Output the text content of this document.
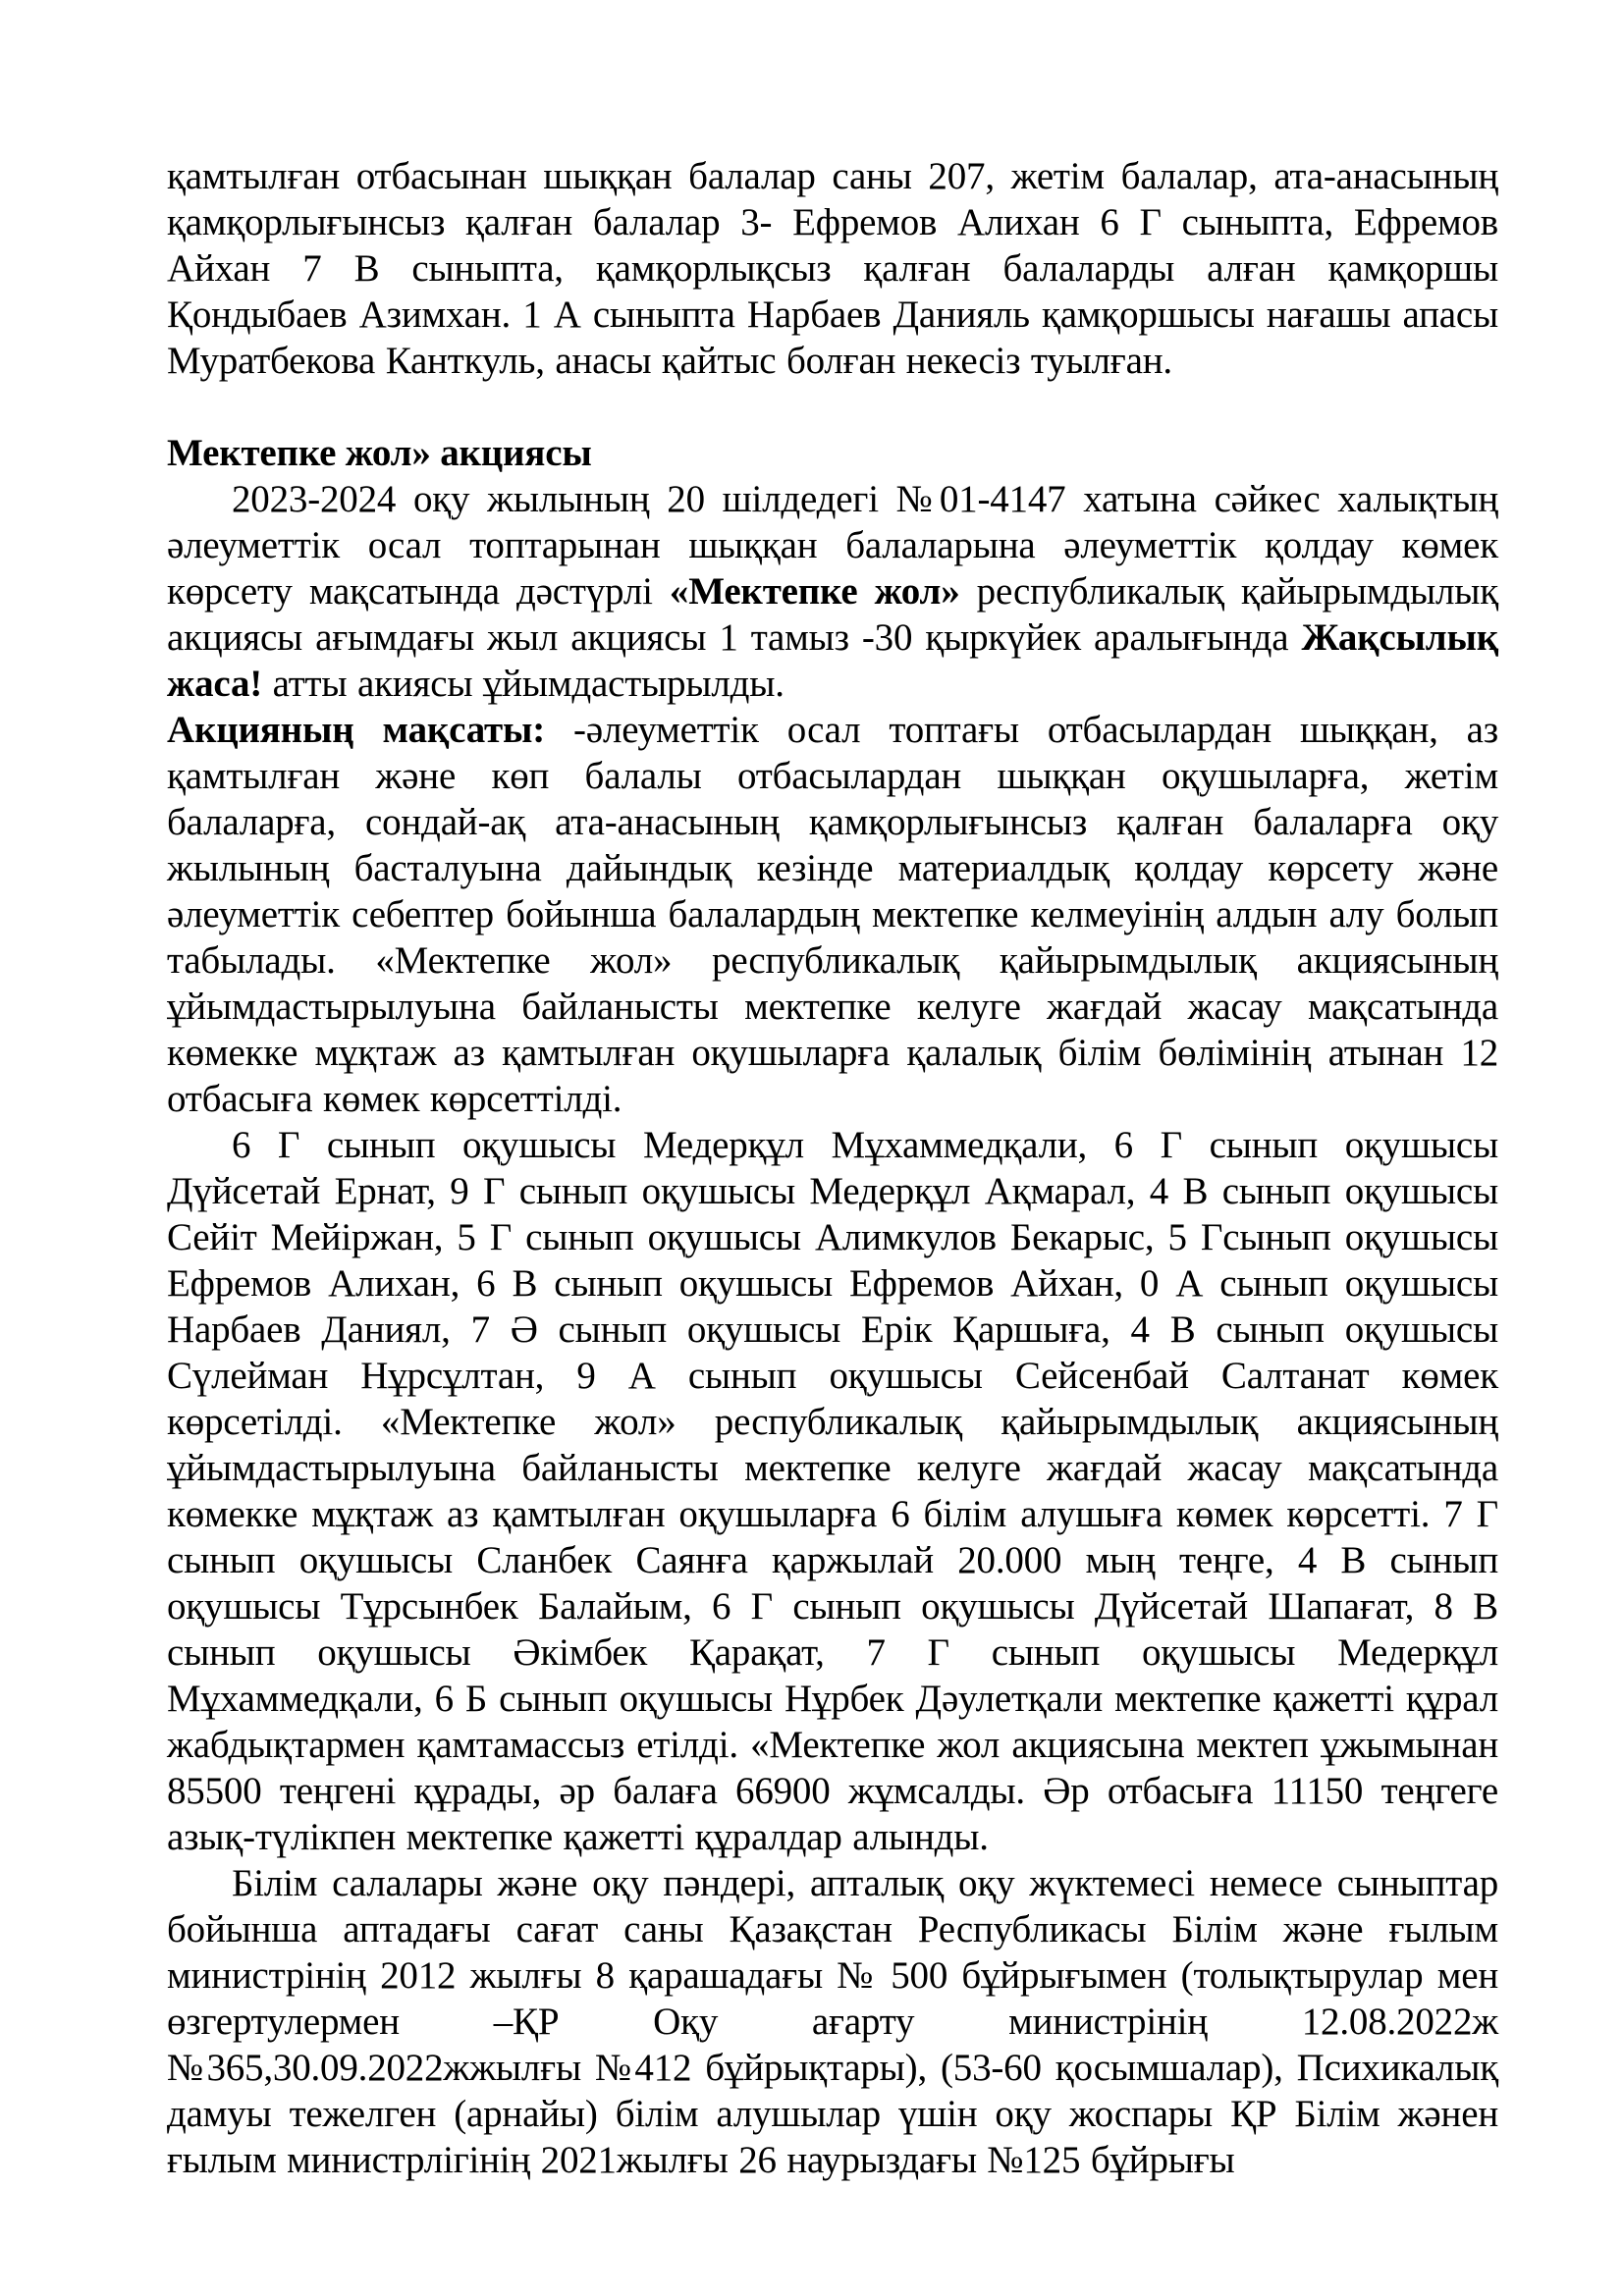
қамтылған отбасынан шыққан балалар саны 207, жетім балалар, ата-анасының қамқорлығынсыз қалған балалар 3- Ефремов Алихан 6 Г сыныпта, Ефремов Айхан 7 В сыныпта, қамқорлықсыз қалған балаларды алған қамқоршы Қондыбаев Азимхан. 1 А сыныпта Нарбаев Данияль қамқоршысы нағашы апасы Муратбекова Канткуль, анасы қайтыс болған некесіз туылған.

Мектепке жол» акциясы

2023-2024 оқу жылының 20 шілдедегі №01-4147 хатына сәйкес халықтың әлеуметтік осал топтарынан шыққан балаларына әлеуметтік қолдау көмек көрсету мақсатында дәстүрлі «Мектепке жол» республикалық қайырымдылық акциясы ағымдағы жыл акциясы 1 тамыз -30 қыркүйек аралығында Жақсылық жаса! атты акиясы ұйымдастырылды.

Акцияның мақсаты: -әлеуметтік осал топтағы отбасылардан шыққан, аз қамтылған және көп балалы отбасылардан шыққан оқушыларға, жетім балаларға, сондай-ақ ата-анасының қамқорлығынсыз қалған балаларға оқу жылының басталуына дайындық кезінде материалдық қолдау көрсету және әлеуметтік себептер бойынша балалардың мектепке келмеуінің алдын алу болып табылады. «Мектепке жол» республикалық қайырымдылық акциясының ұйымдастырылуына байланысты мектепке келуге жағдай жасау мақсатында көмекке мұқтаж аз қамтылған оқушыларға қалалық білім бөлімінің атынан 12 отбасыға көмек көрсеттілді.

6 Г сынып оқушысы Медерқұл Мұхаммедқали, 6 Г сынып оқушысы Дүйсетай Ернат, 9 Г сынып оқушысы Медерқұл Ақмарал, 4 В сынып оқушысы Сейіт Мейіржан, 5 Г сынып оқушысы Алимкулов Бекарыс, 5 Гсынып оқушысы Ефремов Алихан, 6 В сынып оқушысы Ефремов Айхан, 0 А сынып оқушысы Нарбаев Даниял, 7 Ә сынып оқушысы Ерік Қаршыға, 4 В сынып оқушысы Сүлейман Нұрсұлтан, 9 А сынып оқушысы Сейсенбай Салтанат көмек көрсетілді. «Мектепке жол» республикалық қайырымдылық акциясының ұйымдастырылуына байланысты мектепке келуге жағдай жасау мақсатында көмекке мұқтаж аз қамтылған оқушыларға 6 білім алушыға көмек көрсетті. 7 Г сынып оқушысы Сланбек Саянға қаржылай 20.000 мың теңге, 4 В сынып оқушысы Тұрсынбек Балайым, 6 Г сынып оқушысы Дүйсетай Шапағат, 8 В сынып оқушысы Әкімбек Қарақат, 7 Г сынып оқушысы Медерқұл Мұхаммедқали, 6 Б сынып оқушысы Нұрбек Дәулетқали мектепке қажетті құрал жабдықтармен қамтамассыз етілді. «Мектепке жол акциясына мектеп ұжымынан 85500 теңгені құрады, әр балаға 66900 жұмсалды. Әр отбасыға 11150 теңгеге азық-түлікпен мектепке қажетті құралдар алынды.

Білім салалары және оқу пәндері, апталық оқу жүктемесі немесе сыныптар бойынша аптадағы сағат саны Қазақстан Республикасы Білім және ғылым министрінің 2012 жылғы 8 қарашадағы № 500 бұйрығымен (толықтырулар мен өзгертулермен –ҚР Оқу ағарту министрінің 12.08.2022ж №365,30.09.2022жжылғы №412 бұйрықтары), (53-60 қосымшалар), Психикалық дамуы тежелген (арнайы) білім алушылар үшін оқу жоспары ҚР Білім жәнен ғылым министрлігінің 2021жылғы 26 наурыздағы №125 бұйрығы
